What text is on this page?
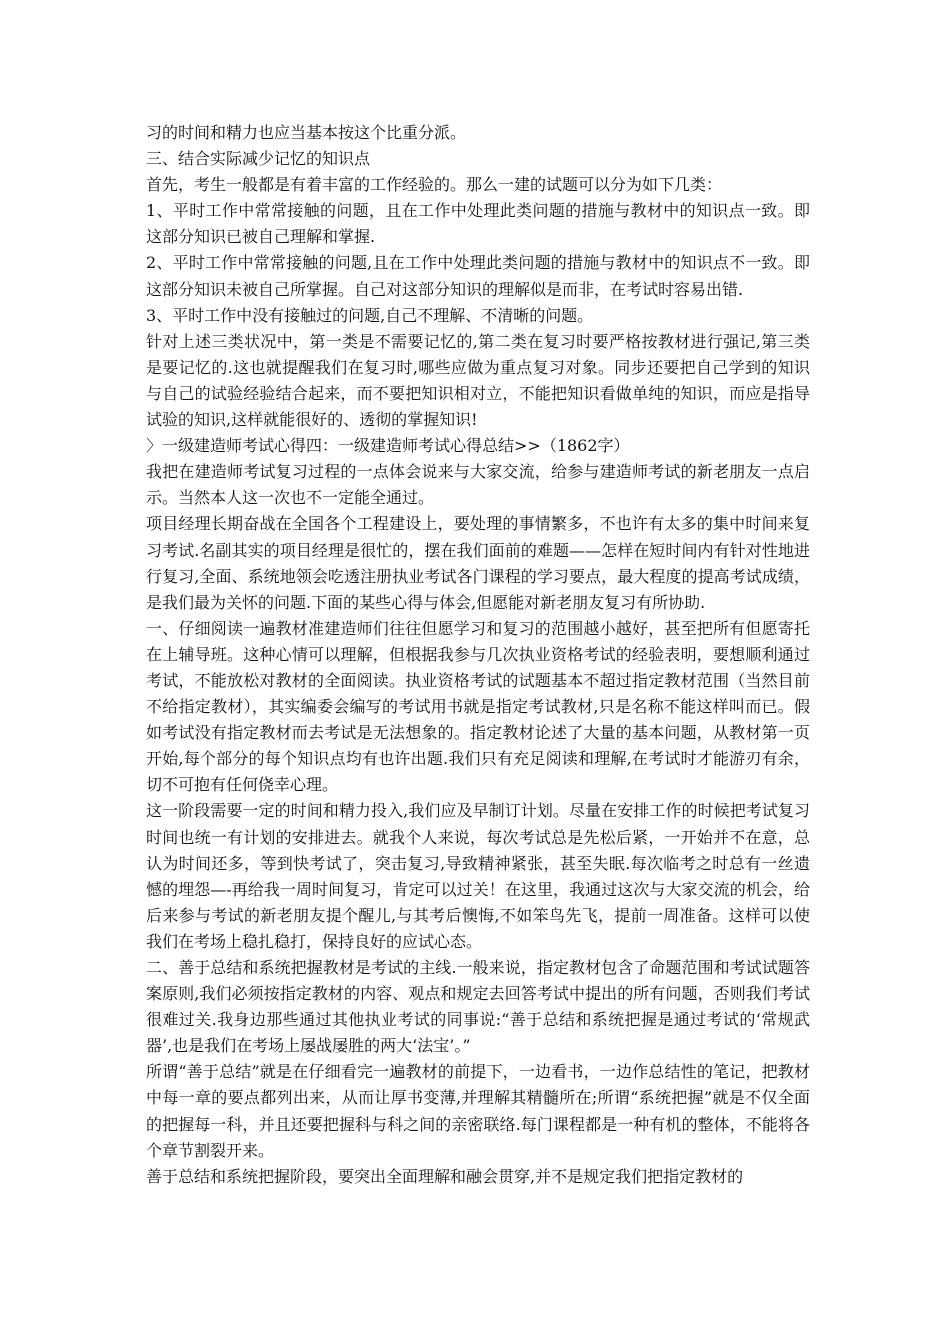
习的时间和精力也应当基本按这个比重分派。

三、结合实际减少记忆的知识点

首先，考生一般都是有着丰富的工作经验的。那么一建的试题可以分为如下几类：

1、平时工作中常常接触的问题，且在工作中处理此类问题的措施与教材中的知识点一致。即这部分知识已被自己理解和掌握.

2、平时工作中常常接触的问题,且在工作中处理此类问题的措施与教材中的知识点不一致。即这部分知识未被自己所掌握。自己对这部分知识的理解似是而非，在考试时容易出错.

3、平时工作中没有接触过的问题,自己不理解、不清晰的问题。

针对上述三类状况中，第一类是不需要记忆的,第二类在复习时要严格按教材进行强记,第三类是要记忆的.这也就提醒我们在复习时,哪些应做为重点复习对象。同步还要把自己学到的知识与自己的试验经验结合起来，而不要把知识相对立，不能把知识看做单纯的知识，而应是指导试验的知识,这样就能很好的、透彻的掌握知识!

〉一级建造师考试心得四：一级建造师考试心得总结>>（1862字）

我把在建造师考试复习过程的一点体会说来与大家交流，给参与建造师考试的新老朋友一点启示。当然本人这一次也不一定能全通过。

项目经理长期奋战在全国各个工程建设上，要处理的事情繁多，不也许有太多的集中时间来复习考试.名副其实的项目经理是很忙的，摆在我们面前的难题——怎样在短时间内有针对性地进行复习,全面、系统地领会吃透注册执业考试各门课程的学习要点，最大程度的提高考试成绩，是我们最为关怀的问题.下面的某些心得与体会,但愿能对新老朋友复习有所协助.

一、仔细阅读一遍教材准建造师们往往但愿学习和复习的范围越小越好，甚至把所有但愿寄托在上辅导班。这种心情可以理解，但根据我参与几次执业资格考试的经验表明，要想顺利通过考试，不能放松对教材的全面阅读。执业资格考试的试题基本不超过指定教材范围（当然目前不给指定教材），其实编委会编写的考试用书就是指定考试教材,只是名称不能这样叫而已。假如考试没有指定教材而去考试是无法想象的。指定教材论述了大量的基本问题，从教材第一页开始,每个部分的每个知识点均有也许出题.我们只有充足阅读和理解,在考试时才能游刃有余，切不可抱有任何侥幸心理。

这一阶段需要一定的时间和精力投入,我们应及早制订计划。尽量在安排工作的时候把考试复习时间也统一有计划的安排进去。就我个人来说，每次考试总是先松后紧，一开始并不在意，总认为时间还多，等到快考试了，突击复习,导致精神紧张，甚至失眠.每次临考之时总有一丝遗憾的埋怨—-再给我一周时间复习，肯定可以过关！在这里，我通过这次与大家交流的机会，给后来参与考试的新老朋友提个醒儿,与其考后懊悔,不如笨鸟先飞，提前一周准备。这样可以使我们在考场上稳扎稳打，保持良好的应试心态。

二、善于总结和系统把握教材是考试的主线.一般来说，指定教材包含了命题范围和考试试题答案原则,我们必须按指定教材的内容、观点和规定去回答考试中提出的所有问题，否则我们考试很难过关.我身边那些通过其他执业考试的同事说:“善于总结和系统把握是通过考试的‘常规武器’,也是我们在考场上屡战屡胜的两大‘法宝’。”

所谓“善于总结”就是在仔细看完一遍教材的前提下，一边看书，一边作总结性的笔记，把教材中每一章的要点都列出来，从而让厚书变薄,并理解其精髓所在;所谓“系统把握”就是不仅全面的把握每一科，并且还要把握科与科之间的亲密联络.每门课程都是一种有机的整体，不能将各个章节割裂开来。

善于总结和系统把握阶段，要突出全面理解和融会贯穿,并不是规定我们把指定教材的
